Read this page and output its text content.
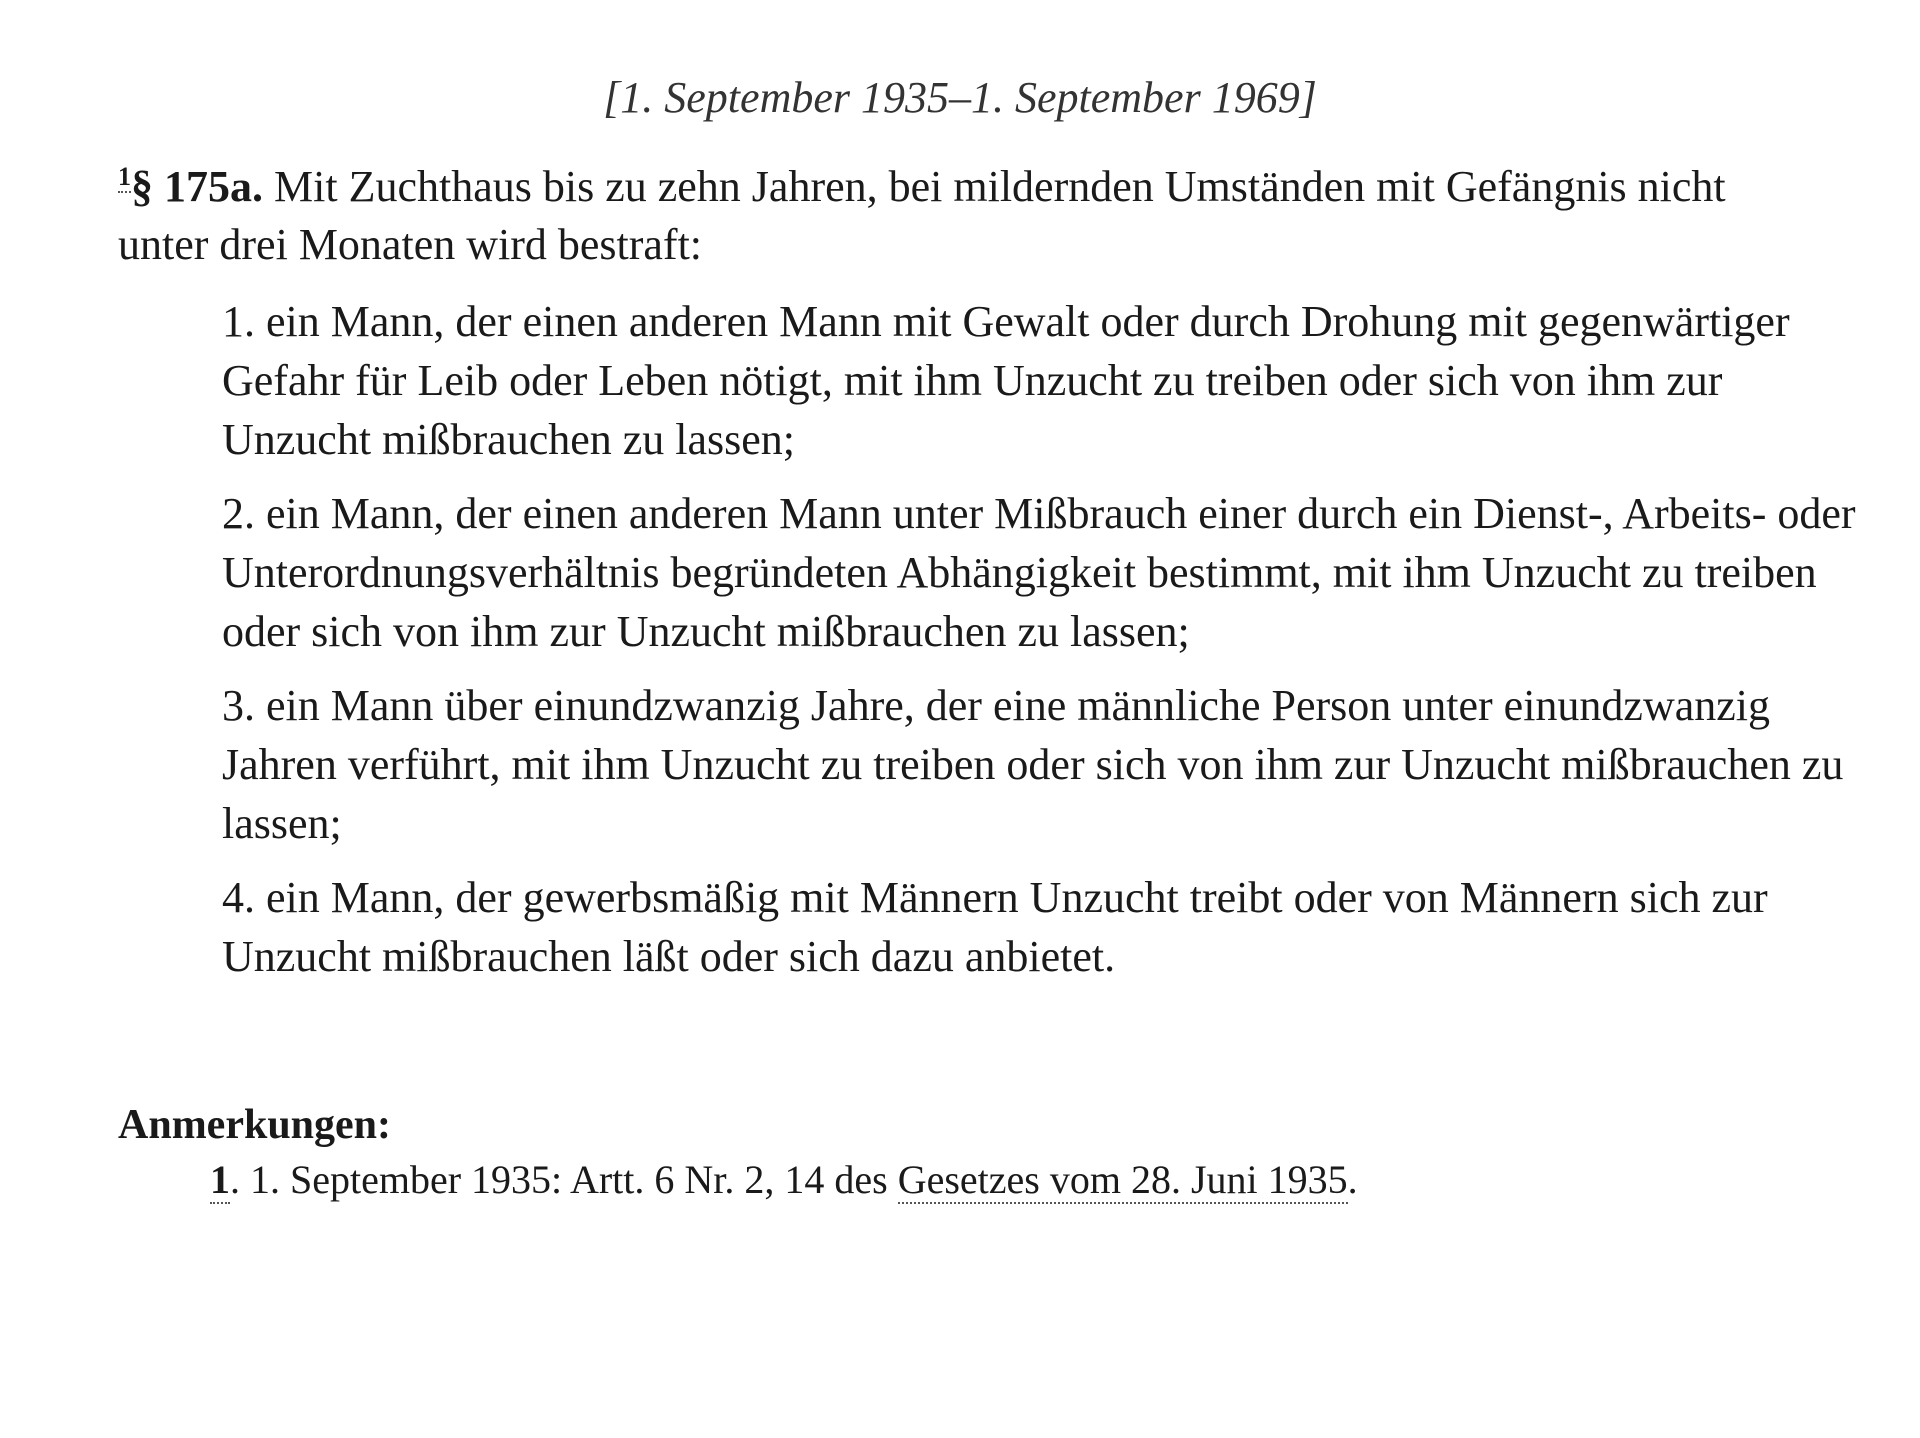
[1. September 1935–1. September 1969]
$^1$§ 175a. Mit Zuchthaus bis zu zehn Jahren, bei mildernden Umständen mit Gefängnis nicht unter drei Monaten wird bestraft:
1. ein Mann, der einen anderen Mann mit Gewalt oder durch Drohung mit gegenwärtiger Gefahr für Leib oder Leben nötigt, mit ihm Unzucht zu treiben oder sich von ihm zur Unzucht mißbrauchen zu lassen;
2. ein Mann, der einen anderen Mann unter Mißbrauch einer durch ein Dienst-, Arbeits- oder Unterordnungsverhältnis begründeten Abhängigkeit bestimmt, mit ihm Unzucht zu treiben oder sich von ihm zur Unzucht mißbrauchen zu lassen;
3. ein Mann über einundzwanzig Jahre, der eine männliche Person unter einundzwanzig Jahren verführt, mit ihm Unzucht zu treiben oder sich von ihm zur Unzucht mißbrauchen zu lassen;
4. ein Mann, der gewerbsmäßig mit Männern Unzucht treibt oder von Männern sich zur Unzucht mißbrauchen läßt oder sich dazu anbietet.
Anmerkungen:
1. 1. September 1935: Artt. 6 Nr. 2, 14 des Gesetzes vom 28. Juni 1935.
